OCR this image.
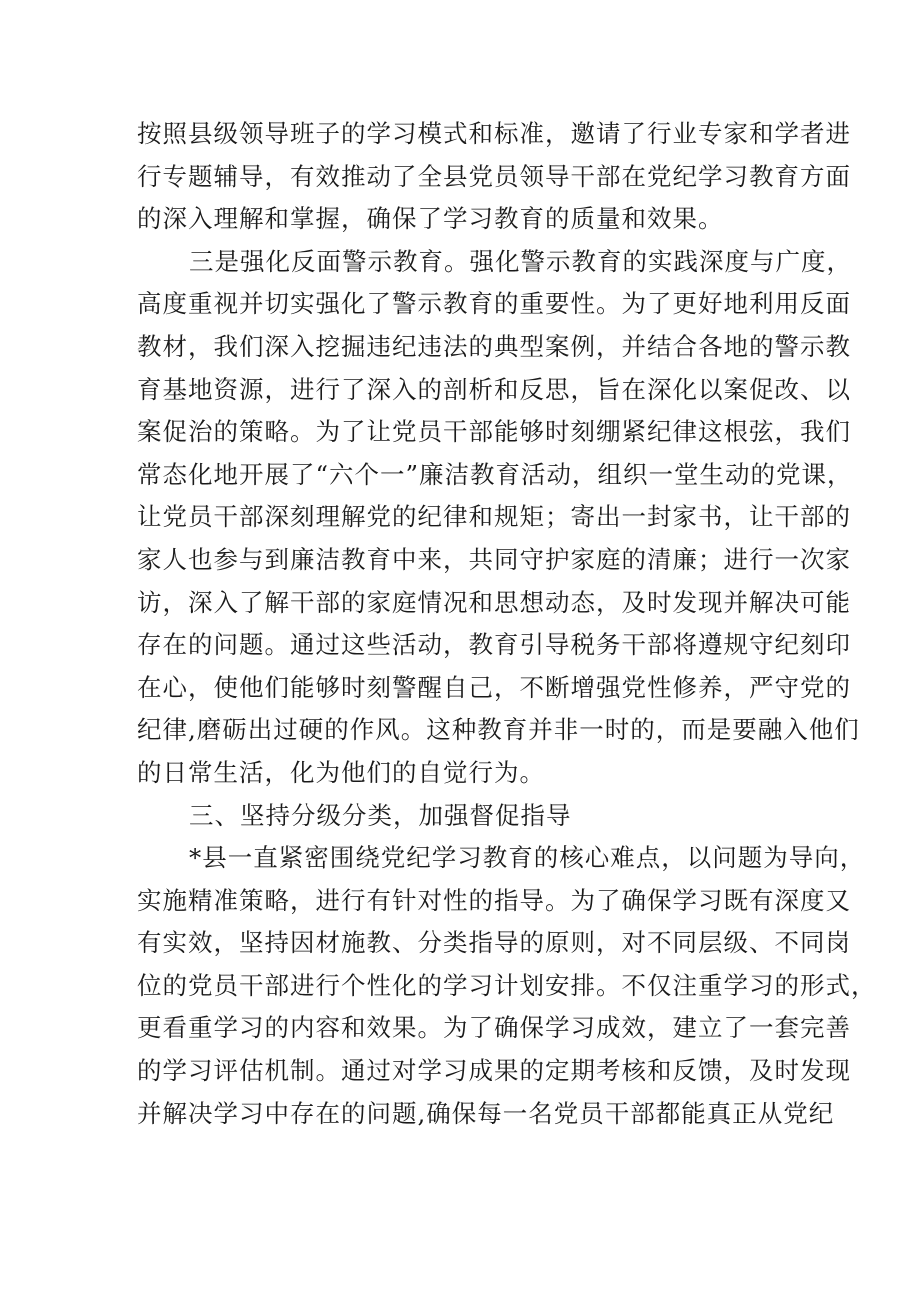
按照县级领导班子的学习模式和标准，邀请了行业专家和学者进
行专题辅导，有效推动了全县党员领导干部在党纪学习教育方面
的深入理解和掌握，确保了学习教育的质量和效果。
三是强化反面警示教育。强化警示教育的实践深度与广度，
高度重视并切实强化了警示教育的重要性。为了更好地利用反面
教材，我们深入挖掘违纪违法的典型案例，并结合各地的警示教
育基地资源，进行了深入的剖析和反思，旨在深化以案促改、以
案促治的策略。为了让党员干部能够时刻绷紧纪律这根弦，我们
常态化地开展了“六个一”廉洁教育活动，组织一堂生动的党课，
让党员干部深刻理解党的纪律和规矩；寄出一封家书，让干部的
家人也参与到廉洁教育中来，共同守护家庭的清廉；进行一次家
访，深入了解干部的家庭情况和思想动态，及时发现并解决可能
存在的问题。通过这些活动，教育引导税务干部将遵规守纪刻印
在心，使他们能够时刻警醒自己，不断增强党性修养，严守党的
纪律,磨砺出过硬的作风。这种教育并非一时的，而是要融入他们
的日常生活，化为他们的自觉行为。
三、坚持分级分类，加强督促指导
*县一直紧密围绕党纪学习教育的核心难点，以问题为导向，
实施精准策略，进行有针对性的指导。为了确保学习既有深度又
有实效，坚持因材施教、分类指导的原则，对不同层级、不同岗
位的党员干部进行个性化的学习计划安排。不仅注重学习的形式，
更看重学习的内容和效果。为了确保学习成效，建立了一套完善
的学习评估机制。通过对学习成果的定期考核和反馈，及时发现
并解决学习中存在的问题,确保每一名党员干部都能真正从党纪
